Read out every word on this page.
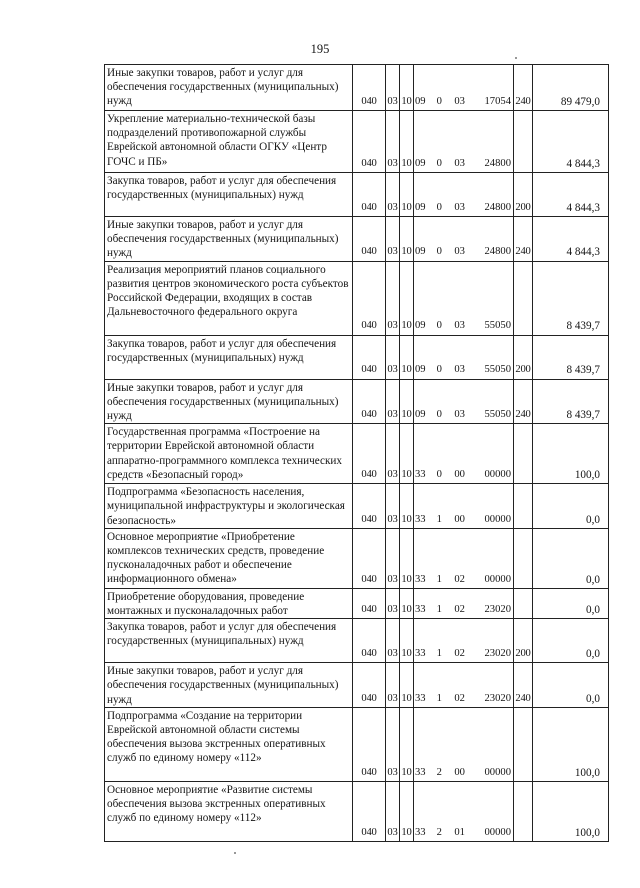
195
Иные закупки товаров, работ и услуг для обеспечения государственных (муниципальных) нужд	040	03	10	09 0 03 17054	240	89 479,0
Укрепление материально-технической базы подразделений противопожарной службы Еврейской автономной области ОГКУ «Центр ГОЧС и ПБ»	040	03	10	09 0 03 24800		4 844,3
Закупка товаров, работ и услуг для обеспечения государственных (муниципальных) нужд	040	03	10	09 0 03 24800	200	4 844,3
Иные закупки товаров, работ и услуг для обеспечения государственных (муниципальных) нужд	040	03	10	09 0 03 24800	240	4 844,3
Реализация мероприятий планов социального развития центров экономического роста субъектов Российской Федерации, входящих в состав Дальневосточного федерального округа	040	03	10	09 0 03 55050		8 439,7
Закупка товаров, работ и услуг для обеспечения государственных (муниципальных) нужд	040	03	10	09 0 03 55050	200	8 439,7
Иные закупки товаров, работ и услуг для обеспечения государственных (муниципальных) нужд	040	03	10	09 0 03 55050	240	8 439,7
Государственная программа «Построение на территории Еврейской автономной области аппаратно-программного комплекса технических средств «Безопасный город»	040	03	10	33 0 00 00000		100,0
Подпрограмма «Безопасность населения, муниципальной инфраструктуры и экологическая безопасность»	040	03	10	33 1 00 00000		0,0
Основное мероприятие «Приобретение комплексов технических средств, проведение пусконаладочных работ и обеспечение информационного обмена»	040	03	10	33 1 02 00000		0,0
Приобретение оборудования, проведение монтажных и пусконаладочных работ	040	03	10	33 1 02 23020		0,0
Закупка товаров, работ и услуг для обеспечения государственных (муниципальных) нужд	040	03	10	33 1 02 23020	200	0,0
Иные закупки товаров, работ и услуг для обеспечения государственных (муниципальных) нужд	040	03	10	33 1 02 23020	240	0,0
Подпрограмма «Создание на территории Еврейской автономной области системы обеспечения вызова экстренных оперативных служб по единому номеру «112»	040	03	10	33 2 00 00000		100,0
Основное мероприятие «Развитие системы обеспечения вызова экстренных оперативных служб по единому номеру «112»	040	03	10	33 2 01 00000		100,0
